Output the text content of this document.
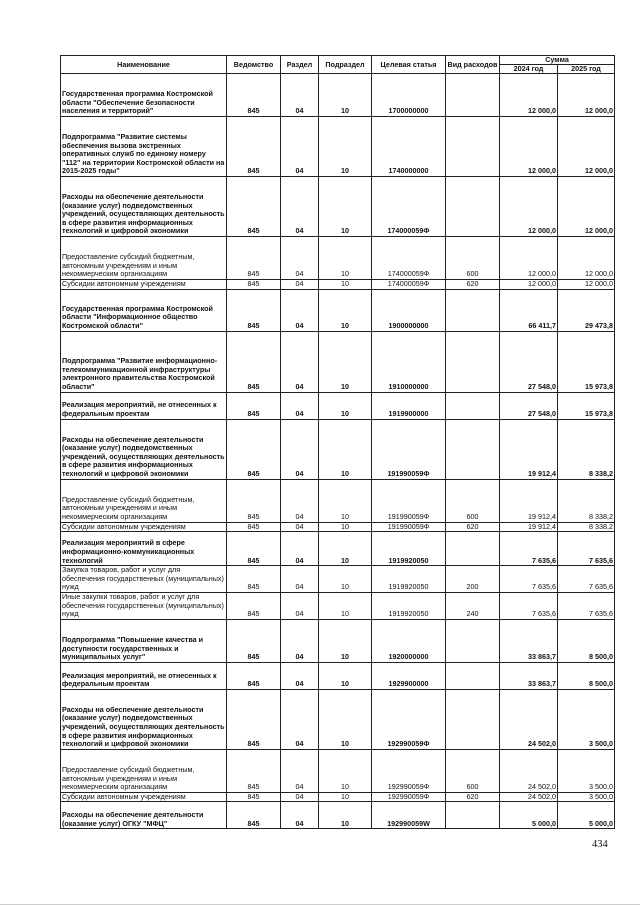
Наименование	Ведомство	Раздел	Подраздел	Целевая статья	Вид расходов	Сумма	
						2024 год	2025 год
Государственная программа Костромской области "Обеспечение безопасности населения и территорий"	845	04	10	1700000000		12 000,0	12 000,0
Подпрограмма "Развитие системы обеспечения вызова экстренных оперативных служб по единому номеру "112" на территории Костромской области на 2015-2025 годы"	845	04	10	1740000000		12 000,0	12 000,0
Расходы на обеспечение деятельности (оказание услуг) подведомственных учреждений, осуществляющих деятельность в сфере развития информационных технологий и цифровой экономики	845	04	10	174000059Ф		12 000,0	12 000,0
Предоставление субсидий бюджетным, автономным учреждениям и иным некоммерческим организациям	845	04	10	174000059Ф	600	12 000,0	12 000,0
Субсидии автономным учреждениям	845	04	10	174000059Ф	620	12 000,0	12 000,0
Государственная программа Костромской области "Информационное общество Костромской области"	845	04	10	1900000000		66 411,7	29 473,8
Подпрограмма "Развитие информационно-телекоммуникационной инфраструктуры электронного правительства Костромской области"	845	04	10	1910000000		27 548,0	15 973,8
Реализация мероприятий, не отнесенных к федеральным проектам	845	04	10	1919900000		27 548,0	15 973,8
Расходы на обеспечение деятельности (оказание услуг) подведомственных учреждений, осуществляющих деятельность в сфере развития информационных технологий и цифровой экономики	845	04	10	191990059Ф		19 912,4	8 338,2
Предоставление субсидий бюджетным, автономным учреждениям и иным некоммерческим организациям	845	04	10	191990059Ф	600	19 912,4	8 338,2
Субсидии автономным учреждениям	845	04	10	191990059Ф	620	19 912,4	8 338,2
Реализация мероприятий в сфере информационно-коммуникационных технологий	845	04	10	1919920050		7 635,6	7 635,6
Закупка товаров, работ и услуг для обеспечения государственных (муниципальных) нужд	845	04	10	1919920050	200	7 635,6	7 635,6
Иные закупки товаров, работ и услуг для обеспечения государственных (муниципальных) нужд	845	04	10	1919920050	240	7 635,6	7 635,6
Подпрограмма "Повышение качества и доступности государственных и муниципальных услуг"	845	04	10	1920000000		33 863,7	8 500,0
Реализация мероприятий, не отнесенных к федеральным проектам	845	04	10	1929900000		33 863,7	8 500,0
Расходы на обеспечение деятельности (оказание услуг) подведомственных учреждений, осуществляющих деятельность в сфере развития информационных технологий и цифровой экономики	845	04	10	192990059Ф		24 502,0	3 500,0
Предоставление субсидий бюджетным, автономным учреждениям и иным некоммерческим организациям	845	04	10	192990059Ф	600	24 502,0	3 500,0
Субсидии автономным учреждениям	845	04	10	192990059Ф	620	24 502,0	3 500,0
Расходы на обеспечение деятельности (оказание услуг) ОГКУ "МФЦ"	845	04	10	192990059W		5 000,0	5 000,0
434
